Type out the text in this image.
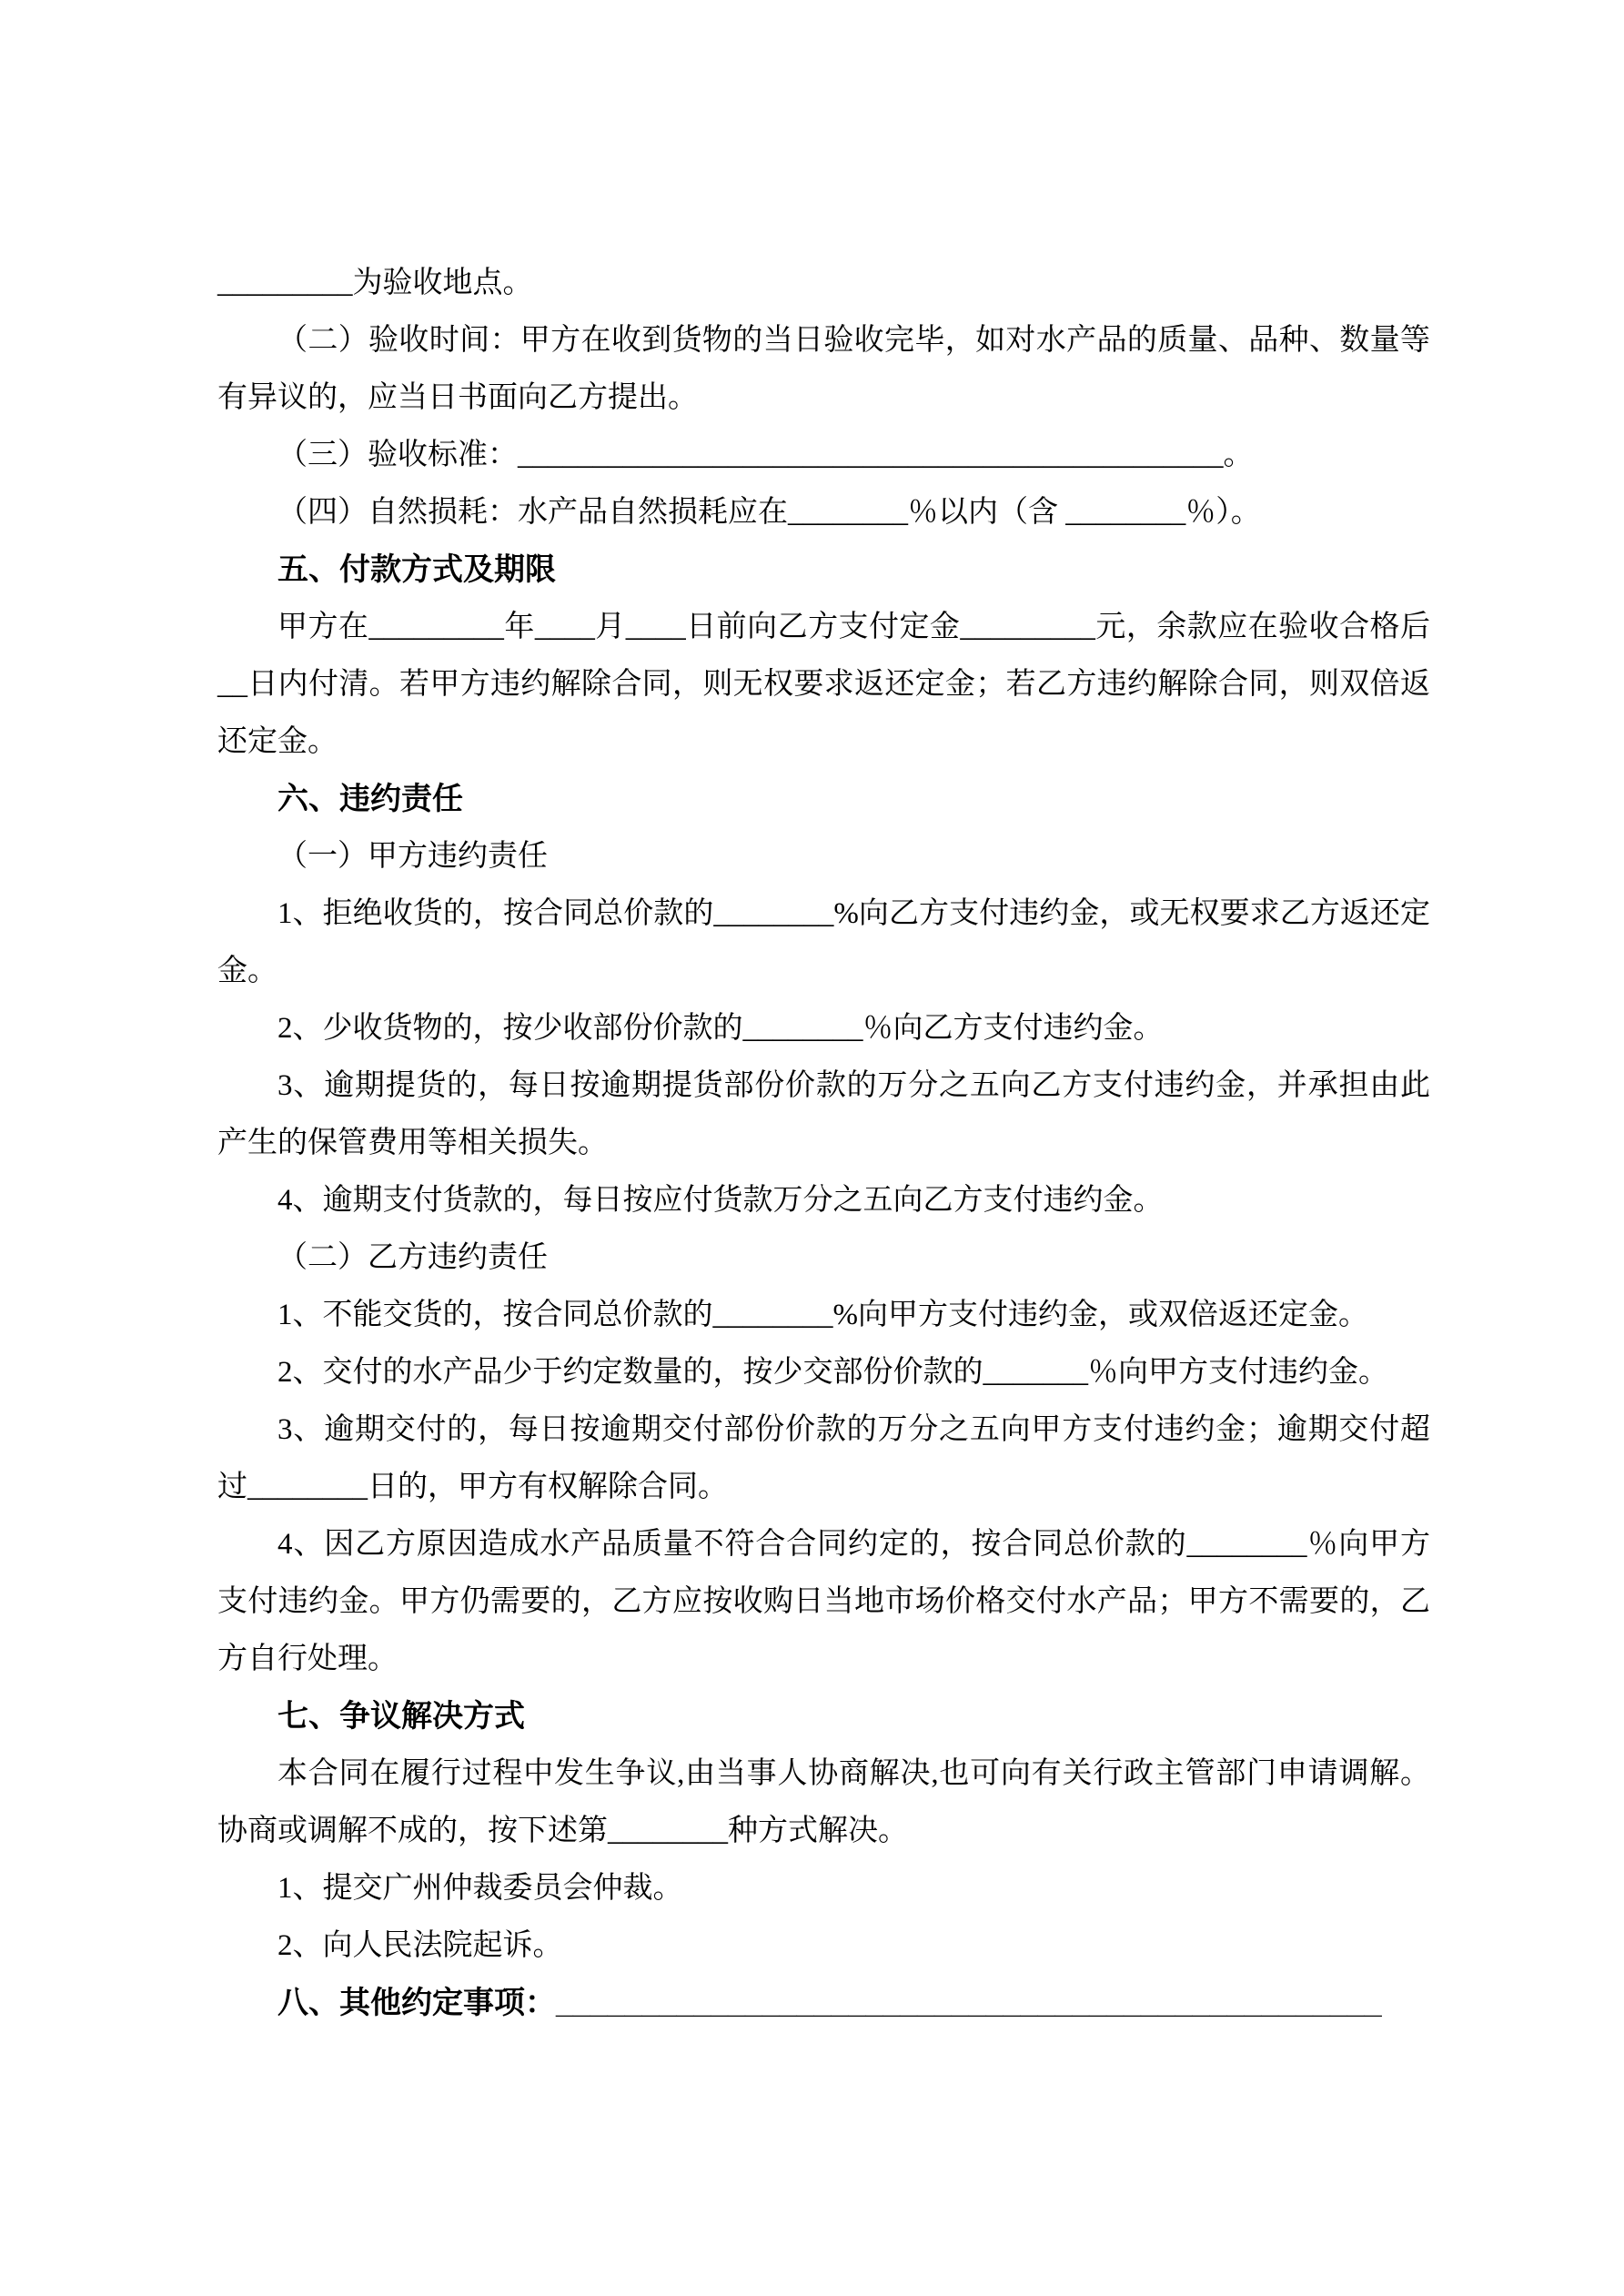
_________为验收地点。

（二）验收时间：甲方在收到货物的当日验收完毕，如对水产品的质量、品种、数量等有异议的，应当日书面向乙方提出。

（三）验收标准：_______________________________________________。

（四）自然损耗：水产品自然损耗应在________％以内（含 ________％）。

五、付款方式及期限

甲方在_________年____月____日前向乙方支付定金_________元，余款应在验收合格后__日内付清。若甲方违约解除合同，则无权要求返还定金；若乙方违约解除合同，则双倍返还定金。

六、违约责任

（一）甲方违约责任

1、拒绝收货的，按合同总价款的________%向乙方支付违约金，或无权要求乙方返还定金。

2、少收货物的，按少收部份价款的________％向乙方支付违约金。

3、逾期提货的，每日按逾期提货部份价款的万分之五向乙方支付违约金，并承担由此产生的保管费用等相关损失。

4、逾期支付货款的，每日按应付货款万分之五向乙方支付违约金。

（二）乙方违约责任

1、不能交货的，按合同总价款的________%向甲方支付违约金，或双倍返还定金。

2、交付的水产品少于约定数量的，按少交部份价款的_______％向甲方支付违约金。

3、逾期交付的，每日按逾期交付部份价款的万分之五向甲方支付违约金；逾期交付超过________日的，甲方有权解除合同。

4、因乙方原因造成水产品质量不符合合同约定的，按合同总价款的________％向甲方支付违约金。甲方仍需要的，乙方应按收购日当地市场价格交付水产品；甲方不需要的，乙方自行处理。

七、争议解决方式

本合同在履行过程中发生争议,由当事人协商解决,也可向有关行政主管部门申请调解。协商或调解不成的，按下述第________种方式解决。

1、提交广州仲裁委员会仲裁。

2、向人民法院起诉。

八、其他约定事项：________________________________________________
